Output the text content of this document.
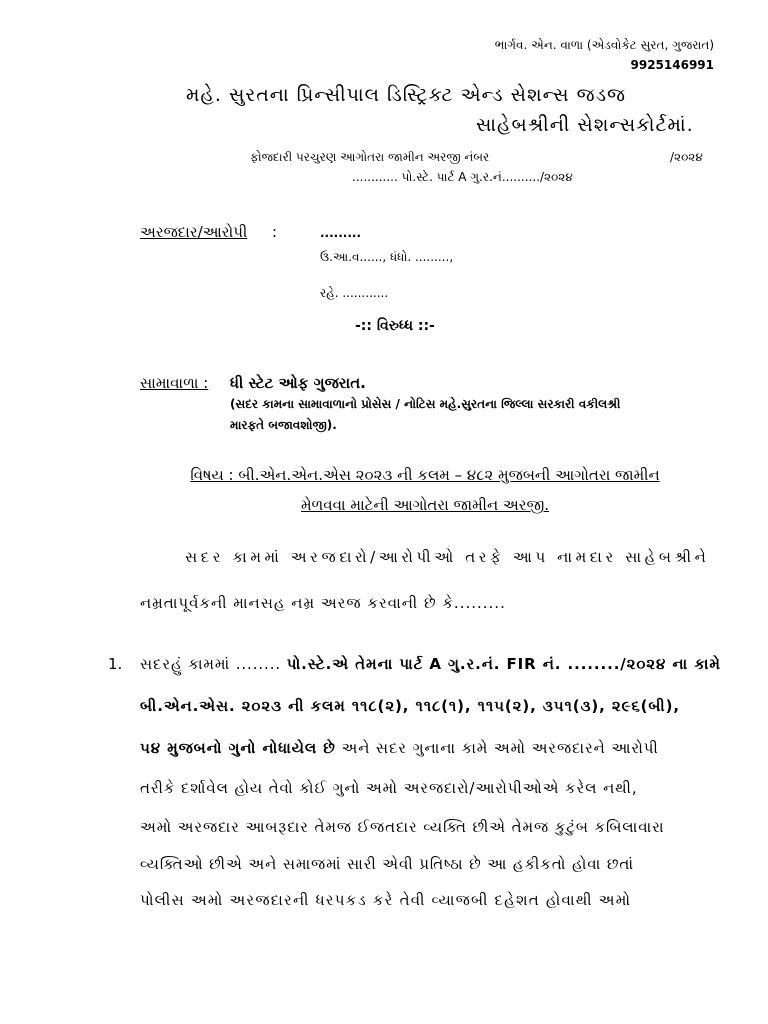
ભાર્ગવ. એન. વાળા (એડવોકેટ સુરત, ગુજરાત)
9925146991
મહે. સુરતના પ્રિન્સીપાલ ડિસ્ટ્રિક્ટ એન્ડ સેશન્સ જડજ
સાહેબશ્રીની સેશન્સકોર્ટમાં.
ફોજદારી પરચુરણ આગોતરા જામીન અરજી નંબર	/૨૦૨૪
............ પો.સ્ટે. પાર્ટ A ગુ.ર.નં........../૨૦૨૪
અરજદાર/આરોપી :	.........
ઉ.આ.વ......, ધંધો. .........,
રહે. ............
-:: વિરુધ્ધ ::-
સામાવાળા : ધી સ્ટેટ ઓફ ગુજરાત.
(સદર કામના સામાવાળાનો પ્રોસેસ / નોટિસ મહે.સુરતના જિલ્લા સરકારી વકીલશ્રી
મારફતે બજાવશોજી).
વિષય : બી.એન.એન.એસ ૨૦૨૩ ની કલમ – ૪૮૨ મુજબની આગોતરા જામીન
મેળવવા માટેની આગોતરા જામીન અરજી.
સદર કામમાં અરજદારો/આરોપીઓ તરફે આપ નામદાર સાહેબશ્રીને
નમ્રતાપૂર્વકની માનસહ નમ્ર અરજ કરવાની છે કે.........
1. સદરહું કામમાં ........ પો.સ્ટે.એ તેમના પાર્ટ A ગુ.ર.નં. FIR નં. ......../૨૦૨૪ ના કામે
બી.એન.એસ. ૨૦૨૩ ની કલમ ૧૧૮(૨), ૧૧૮(૧), ૧૧૫(૨), ૩૫૧(૩), ૨૯૬(બી),
૫૪ મુજબનો ગુનો નોધાયેલ છે અને સદર ગુનાના કામે અમો અરજદારને આરોપી
તરીકે દર્શાવેલ હોય તેવો કોઈ ગુનો અમો અરજદારો/આરોપીઓએ કરેલ નથી,
અમો અરજદાર આબરૂદાર તેમજ ઈજતદાર વ્યક્તિ છીએ તેમજ કુટુંબ કબિલાવારા
વ્યક્તિઓ છીએ અને સમાજમાં સારી એવી પ્રતિષ્ઠા છે આ હકીકતો હોવા છતાં
પોલીસ અમો અરજદારની ધરપકડ કરે તેવી વ્યાજબી દહેશત હોવાથી અમો
